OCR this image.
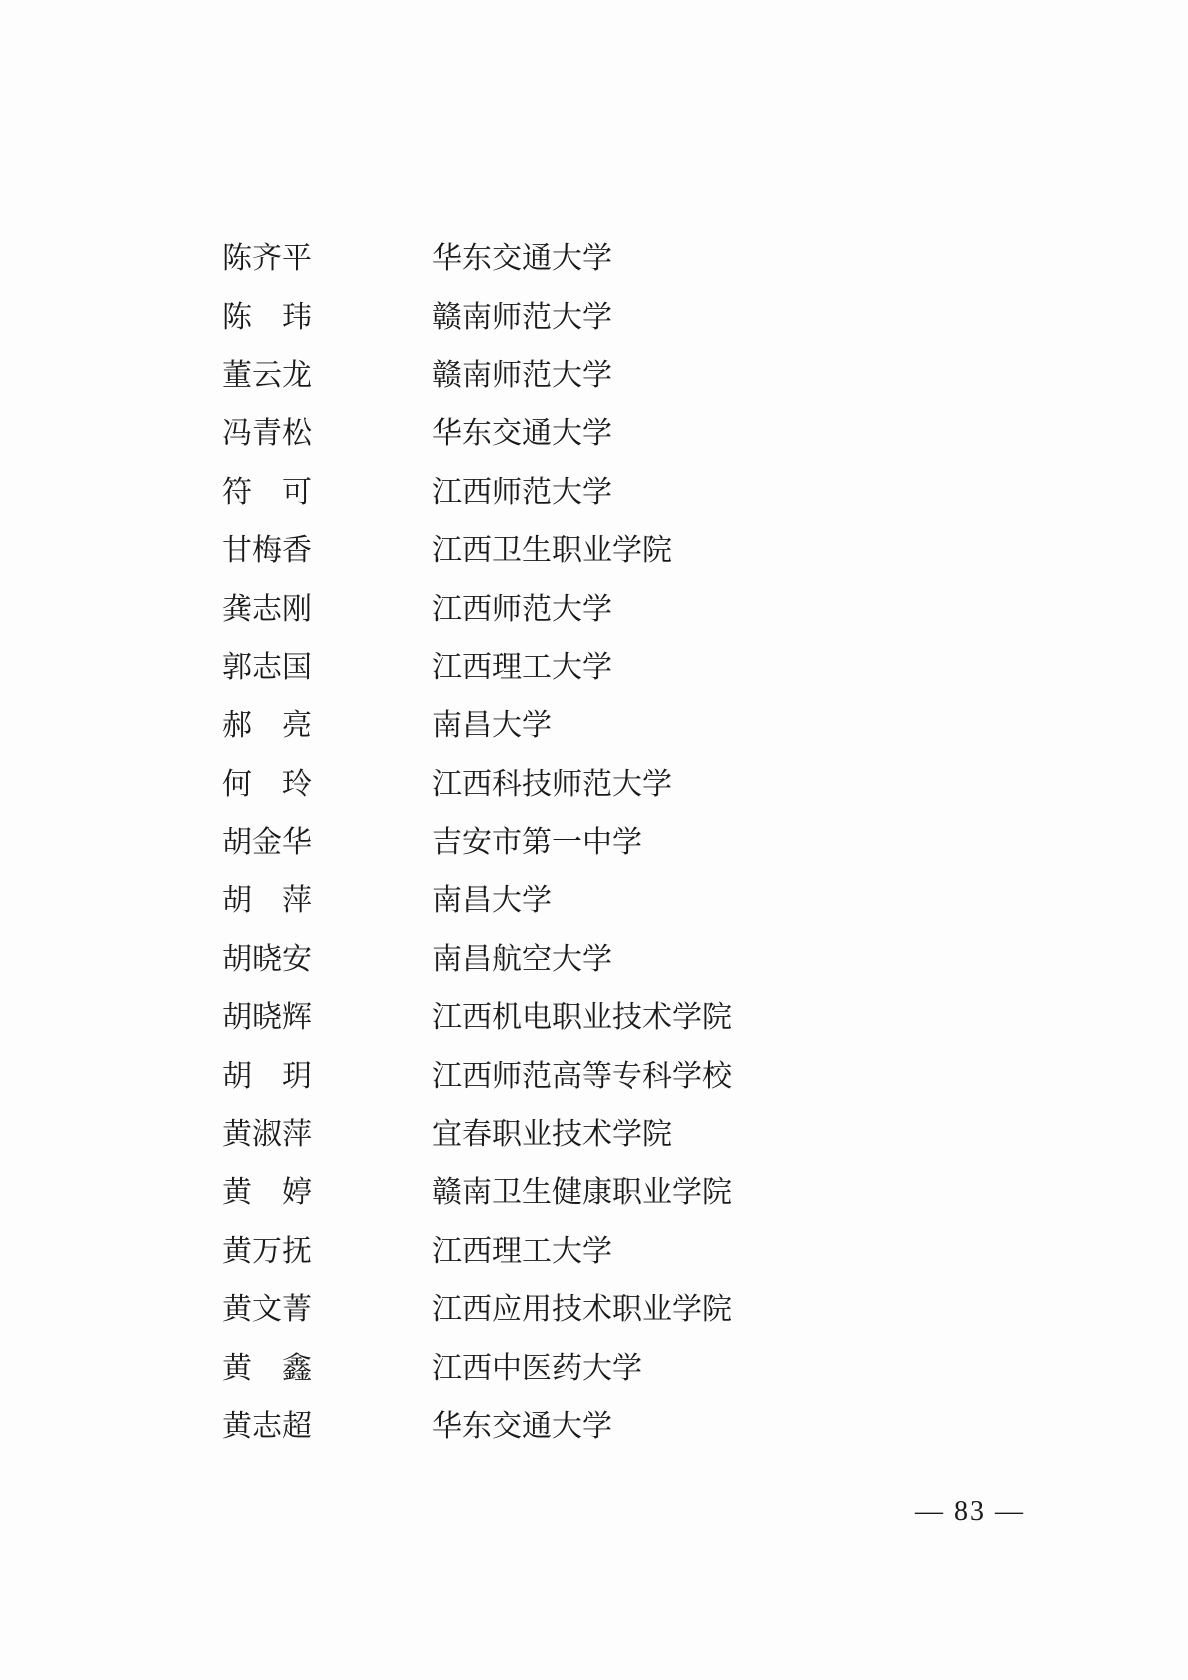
陈齐平	华东交通大学
陈　玮	赣南师范大学
董云龙	赣南师范大学
冯青松	华东交通大学
符　可	江西师范大学
甘梅香	江西卫生职业学院
龚志刚	江西师范大学
郭志国	江西理工大学
郝　亮	南昌大学
何　玲	江西科技师范大学
胡金华	吉安市第一中学
胡　萍	南昌大学
胡晓安	南昌航空大学
胡晓辉	江西机电职业技术学院
胡　玥	江西师范高等专科学校
黄淑萍	宜春职业技术学院
黄　婷	赣南卫生健康职业学院
黄万抚	江西理工大学
黄文菁	江西应用技术职业学院
黄　鑫	江西中医药大学
黄志超	华东交通大学
— 83 —
